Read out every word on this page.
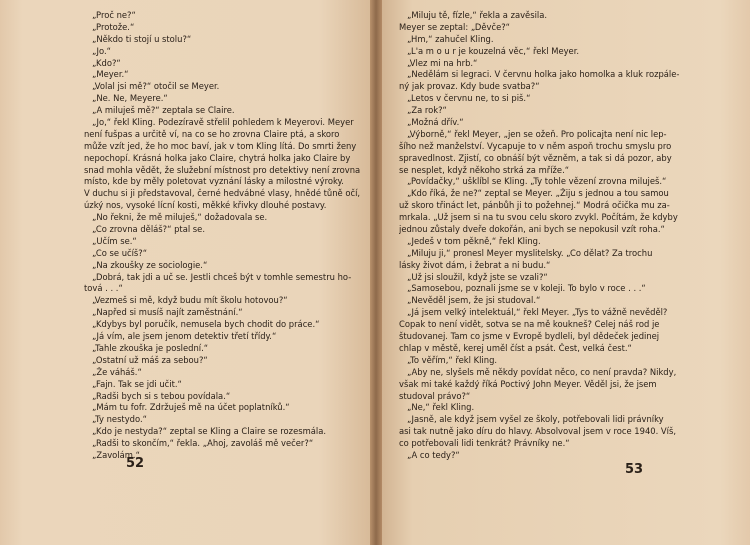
„Proč ne?“
„Protože.“
„Někdo ti stojí u stolu?“
„Jo.“
„Kdo?“
„Meyer.“
„Volal jsi mě?“ otočil se Meyer.
„Ne. Ne, Meyere.“
„A miluješ mě?“ zeptala se Claire.
„Jo,“ řekl Kling. Podezíravě střelil pohledem k Meyerovi. Meyer
není fušpas a určitě ví, na co se ho zrovna Claire ptá, a skoro
může vzít jed, že ho moc baví, jak v tom Kling lítá. Do smrti ženy
nepochopí. Krásná holka jako Claire, chytrá holka jako Claire by
snad mohla vědět, že služební místnost pro detektivy není zrovna
místo, kde by měly poletovat vyznání lásky a milostné výroky.
V duchu si ji představoval, černé hedvábné vlasy, hnědé tůně očí,
úzký nos, vysoké lícní kosti, měkké křivky dlouhé postavy.
„No řekni, že mě miluješ,“ dožadovala se.
„Co zrovna děláš?“ ptal se.
„Učím se.“
„Co se učíš?“
„Na zkoušky ze sociologie.“
„Dobrá, tak jdi a uč se. Jestli chceš být v tomhle semestru ho-
tová . . .“
„Vezmeš si mě, když budu mít školu hotovou?“
„Napřed si musíš najít zaměstnání.“
„Kdybys byl poručík, nemusela bych chodit do práce.“
„Já vím, ale jsem jenom detektiv třetí třídy.“
„Tahle zkouška je poslední.“
„Ostatní už máš za sebou?“
„Že váháš.“
„Fajn. Tak se jdi učit.“
„Radši bych si s tebou povídala.“
„Mám tu fofr. Zdržuješ mě na účet poplatníků.“
„Ty nestydo.“
„Kdo je nestyda?“ zeptal se Kling a Claire se rozesmála.
„Radši to skončím,“ řekla. „Ahoj, zavoláš mě večer?“
„Zavolám.“
52
„Miluju tě, fízle,“ řekla a zavěsila.
Meyer se zeptal: „Děvče?“
„Hm,“ zahučel Kling.
„L'a m o u r je kouzelná věc,“ řekl Meyer.
„Vlez mi na hrb.“
„Nedělám si legraci. V červnu holka jako homolka a kluk rozpále-
ný jak provaz. Kdy bude svatba?“
„Letos v červnu ne, to si piš.“
„Za rok?“
„Možná dřív.“
„Výborně,“ řekl Meyer, „jen se ožeň. Pro policajta není nic lep-
šího než manželství. Vycapuje to v něm aspoň trochu smyslu pro
spravedlnost. Zjistí, co obnáší být vězněm, a tak si dá pozor, aby
se nesplet, když někoho strká za mříže.“
„Povídačky,“ ušklíbl se Kling. „Ty tohle vězení zrovna miluješ.“
„Kdo říká, že ne?“ zeptal se Meyer. „Žiju s jednou a tou samou
už skoro třináct let, pánbůh ji to požehnej.“ Modrá očička mu za-
mrkala. „Už jsem si na tu svou celu skoro zvykl. Počítám, že kdyby
jednou zůstaly dveře dokořán, ani bych se nepokusil vzít roha.“
„Jedeš v tom pěkně,“ řekl Kling.
„Miluju ji,“ pronesl Meyer myslitelsky. „Co dělat? Za trochu
lásky život dám, i žebrat a ni budu.“
„Už jsi sloužil, když jste se vzali?“
„Samosebou, poznali jsme se v koleji. To bylo v roce . . .“
„Nevěděl jsem, že jsi studoval.“
„Já jsem velký intelektuál,“ řekl Meyer. „Tys to vážně nevěděl?
Copak to není vidět, sotva se na mě koukneš? Celej náš rod je
študovanej. Tam co jsme v Evropě bydleli, byl dědeček jedinej
chlap v městě, kerej uměl číst a psát. Čest, velká čest.“
„To věřím,“ řekl Kling.
„Aby ne, slyšels mě někdy povídat něco, co není pravda? Nikdy,
však mi také každý říká Poctivý John Meyer. Věděl jsi, že jsem
studoval právo?“
„Ne,“ řekl Kling.
„Jasně, ale když jsem vyšel ze školy, potřebovali lidi právníky
asi tak nutně jako díru do hlavy. Absolvoval jsem v roce 1940. Víš,
co potřebovali lidi tenkrát? Právníky ne.“
„A co tedy?“
53
